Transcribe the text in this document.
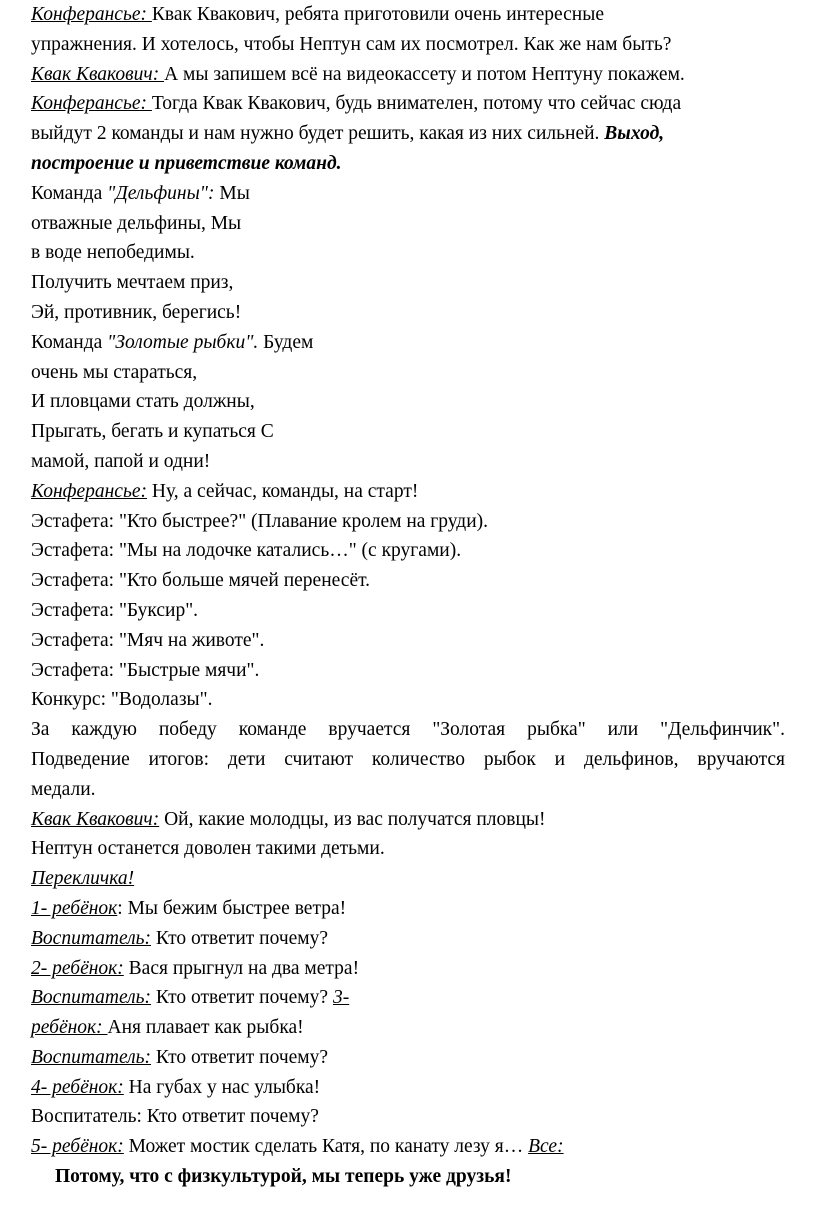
Конферансье: Квак Квакович, ребята приготовили очень интересные
упражнения. И хотелось, чтобы Нептун сам их посмотрел. Как же нам быть?
Квак Квакович: А мы запишем всё на видеокассету и потом Нептуну покажем.
Конферансье: Тогда Квак Квакович, будь внимателен, потому что сейчас сюда
выйдут 2 команды и нам нужно будет решить, какая из них сильней. Выход,
построение и приветствие команд.
Команда "Дельфины": Мы
отважные дельфины, Мы
в воде непобедимы.
Получить мечтаем приз,
Эй, противник, берегись!
Команда "Золотые рыбки". Будем
очень мы стараться,
И пловцами стать должны,
Прыгать, бегать и купаться С
мамой, папой и одни!
Конферансье: Ну, а сейчас, команды, на старт!
Эстафета: "Кто быстрее?" (Плавание кролем на груди).
Эстафета: "Мы на лодочке катались…" (с кругами).
Эстафета: "Кто больше мячей перенесёт.
Эстафета: "Буксир".
Эстафета: "Мяч на животе".
Эстафета: "Быстрые мячи".
Конкурс: "Водолазы".
За каждую победу команде вручается "Золотая рыбка" или "Дельфинчик".
Подведение итогов: дети считают количество рыбок и дельфинов, вручаются
медали.
Квак Квакович: Ой, какие молодцы, из вас получатся пловцы!
Нептун останется доволен такими детьми.
Перекличка!
1- ребёнок: Мы бежим быстрее ветра!
Воспитатель: Кто ответит почему?
2- ребёнок: Вася прыгнул на два метра!
Воспитатель: Кто ответит почему? 3-
ребёнок: Аня плавает как рыбка!
Воспитатель: Кто ответит почему?
4- ребёнок: На губах у нас улыбка!
Воспитатель: Кто ответит почему?
5- ребёнок: Может мостик сделать Катя, по канату лезу я… Все:
Потому, что с физкультурой, мы теперь уже друзья!
